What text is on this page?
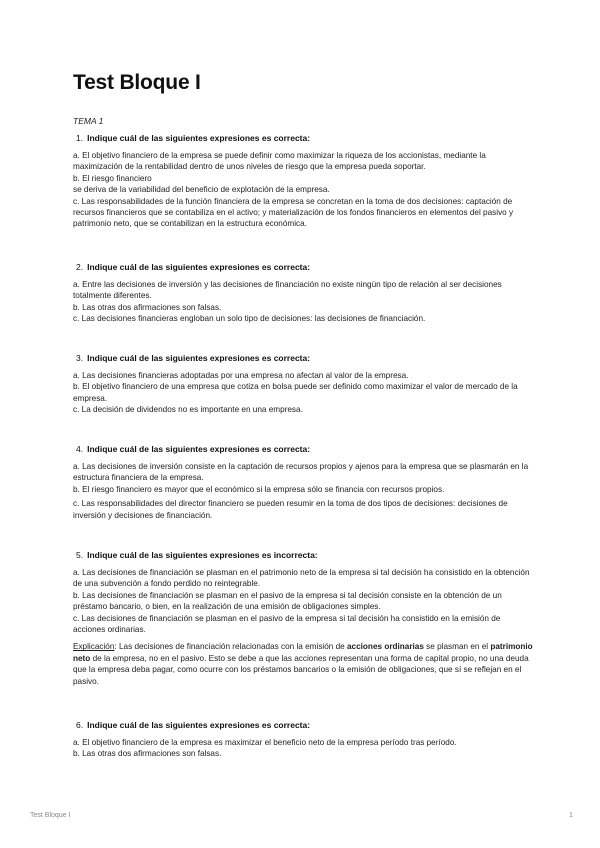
Test Bloque I
TEMA 1
1. Indique cuál de las siguientes expresiones es correcta:

a. El objetivo financiero de la empresa se puede definir como maximizar la riqueza de los accionistas, mediante la maximización de la rentabilidad dentro de unos niveles de riesgo que la empresa pueda soportar.

b. El riesgo financiero

se deriva de la variabilidad del beneficio de explotación de la empresa.

c. Las responsabilidades de la función financiera de la empresa se concretan en la toma de dos decisiones: captación de recursos financieros que se contabiliza en el activo; y materialización de los fondos financieros en elementos del pasivo y patrimonio neto, que se contabilizan en la estructura económica.

2. Indique cuál de las siguientes expresiones es correcta:

a. Entre las decisiones de inversión y las decisiones de financiación no existe ningún tipo de relación al ser decisiones totalmente diferentes.

b. Las otras dos afirmaciones son falsas.

c. Las decisiones financieras engloban un solo tipo de decisiones: las decisiones de financiación.

3. Indique cuál de las siguientes expresiones es correcta:

a. Las decisiones financieras adoptadas por una empresa no afectan al valor de la empresa.

b. El objetivo financiero de una empresa que cotiza en bolsa puede ser definido como maximizar el valor de mercado de la empresa.

c. La decisión de dividendos no es importante en una empresa.

4. Indique cuál de las siguientes expresiones es correcta:

a. Las decisiones de inversión consiste en la captación de recursos propios y ajenos para la empresa que se plasmarán en la estructura financiera de la empresa.

b. El riesgo financiero es mayor que el económico si la empresa sólo se financia con recursos propios.

c. Las responsabilidades del director financiero se pueden resumir en la toma de dos tipos de decisiones: decisiones de inversión y decisiones de financiación.

5. Indique cuál de las siguientes expresiones es incorrecta:

a. Las decisiones de financiación se plasman en el patrimonio neto de la empresa si tal decisión ha consistido en la obtención de una subvención a fondo perdido no reintegrable.

b. Las decisiones de financiación se plasman en el pasivo de la empresa si tal decisión consiste en la obtención de un préstamo bancario, o bien, en la realización de una emisión de obligaciones simples.

c. Las decisiones de financiación se plasman en el pasivo de la empresa si tal decisión ha consistido en la emisión de acciones ordinarias.

Explicación: Las decisiones de financiación relacionadas con la emisión de acciones ordinarias se plasman en el patrimonio neto de la empresa, no en el pasivo. Esto se debe a que las acciones representan una forma de capital propio, no una deuda que la empresa deba pagar, como ocurre con los préstamos bancarios o la emisión de obligaciones, que sí se reflejan en el pasivo.
6. Indique cuál de las siguientes expresiones es correcta:

a. El objetivo financiero de la empresa es maximizar el beneficio neto de la empresa período tras período.

b. Las otras dos afirmaciones son falsas.

Test Bloque I	1
